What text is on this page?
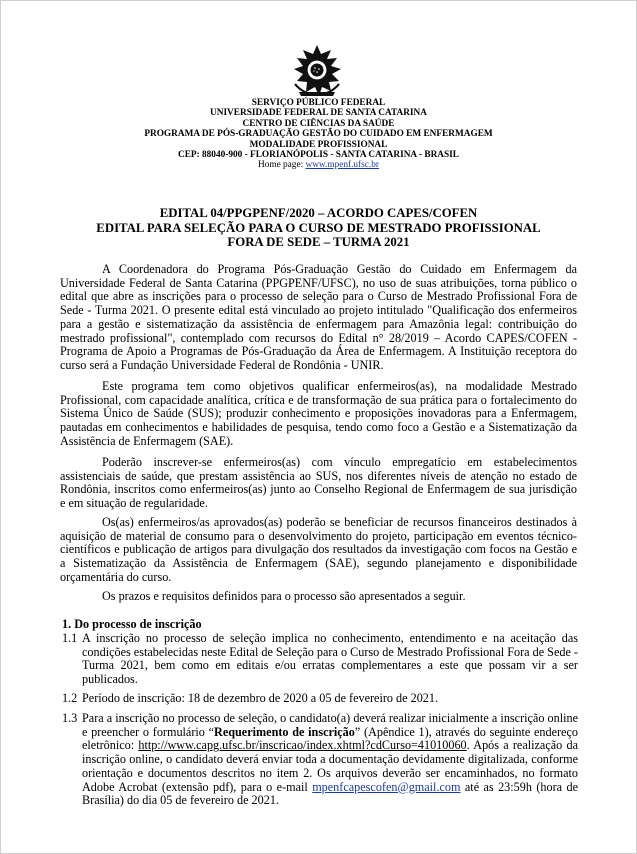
SERVIÇO PÚBLICO FEDERAL
UNIVERSIDADE FEDERAL DE SANTA CATARINA
CENTRO DE CIÊNCIAS DA SAÚDE
PROGRAMA DE PÓS-GRADUAÇÃO GESTÃO DO CUIDADO EM ENFERMAGEM
MODALIDADE PROFISSIONAL
CEP: 88040-900 - FLORIANÓPOLIS - SANTA CATARINA - BRASIL
Home page: www.mpenf.ufsc.br
EDITAL 04/PPGPENF/2020 – ACORDO CAPES/COFEN
EDITAL PARA SELEÇÃO PARA O CURSO DE MESTRADO PROFISSIONAL
FORA DE SEDE – TURMA 2021

A Coordenadora do Programa Pós-Graduação Gestão do Cuidado em Enfermagem da Universidade Federal de Santa Catarina (PPGPENF/UFSC), no uso de suas atribuições, torna público o edital que abre as inscrições para o processo de seleção para o Curso de Mestrado Profissional Fora de Sede - Turma 2021. O presente edital está vinculado ao projeto intitulado "Qualificação dos enfermeiros para a gestão e sistematização da assistência de enfermagem para Amazônia legal: contribuição do mestrado profissional", contemplado com recursos do Edital n° 28/2019 – Acordo CAPES/COFEN - Programa de Apoio a Programas de Pós-Graduação da Área de Enfermagem. A Instituição receptora do curso será a Fundação Universidade Federal de Rondônia - UNIR.

Este programa tem como objetivos qualificar enfermeiros(as), na modalidade Mestrado Profissional, com capacidade analítica, crítica e de transformação de sua prática para o fortalecimento do Sistema Único de Saúde (SUS); produzir conhecimento e proposições inovadoras para a Enfermagem, pautadas em conhecimentos e habilidades de pesquisa, tendo como foco a Gestão e a Sistematização da Assistência de Enfermagem (SAE).

Poderão inscrever-se enfermeiros(as) com vínculo empregatício em estabelecimentos assistenciais de saúde, que prestam assistência ao SUS, nos diferentes níveis de atenção no estado de Rondônia, inscritos como enfermeiros(as) junto ao Conselho Regional de Enfermagem de sua jurisdição e em situação de regularidade.

Os(as) enfermeiros/as aprovados(as) poderão se beneficiar de recursos financeiros destinados à aquisição de material de consumo para o desenvolvimento do projeto, participação em eventos técnico-científicos e publicação de artigos para divulgação dos resultados da investigação com focos na Gestão e a Sistematização da Assistência de Enfermagem (SAE), segundo planejamento e disponibilidade orçamentária do curso.

Os prazos e requisitos definidos para o processo são apresentados a seguir.

1. Do processo de inscrição
1.1 A inscrição no processo de seleção implica no conhecimento, entendimento e na aceitação das condições estabelecidas neste Edital de Seleção para o Curso de Mestrado Profissional Fora de Sede - Turma 2021, bem como em editais e/ou erratas complementares a este que possam vir a ser publicados.
1.2 Período de inscrição: 18 de dezembro de 2020 a 05 de fevereiro de 2021.
1.3 Para a inscrição no processo de seleção, o candidato(a) deverá realizar inicialmente a inscrição online e preencher o formulário “Requerimento de inscrição” (Apêndice 1), através do seguinte endereço eletrônico: http://www.capg.ufsc.br/inscricao/index.xhtml?cdCurso=41010060. Após a realização da inscrição online, o candidato deverá enviar toda a documentação devidamente digitalizada, conforme orientação e documentos descritos no item 2. Os arquivos deverão ser encaminhados, no formato Adobe Acrobat (extensão pdf), para o e-mail mpenfcapescofen@gmail.com até as 23:59h (hora de Brasília) do dia 05 de fevereiro de 2021.
